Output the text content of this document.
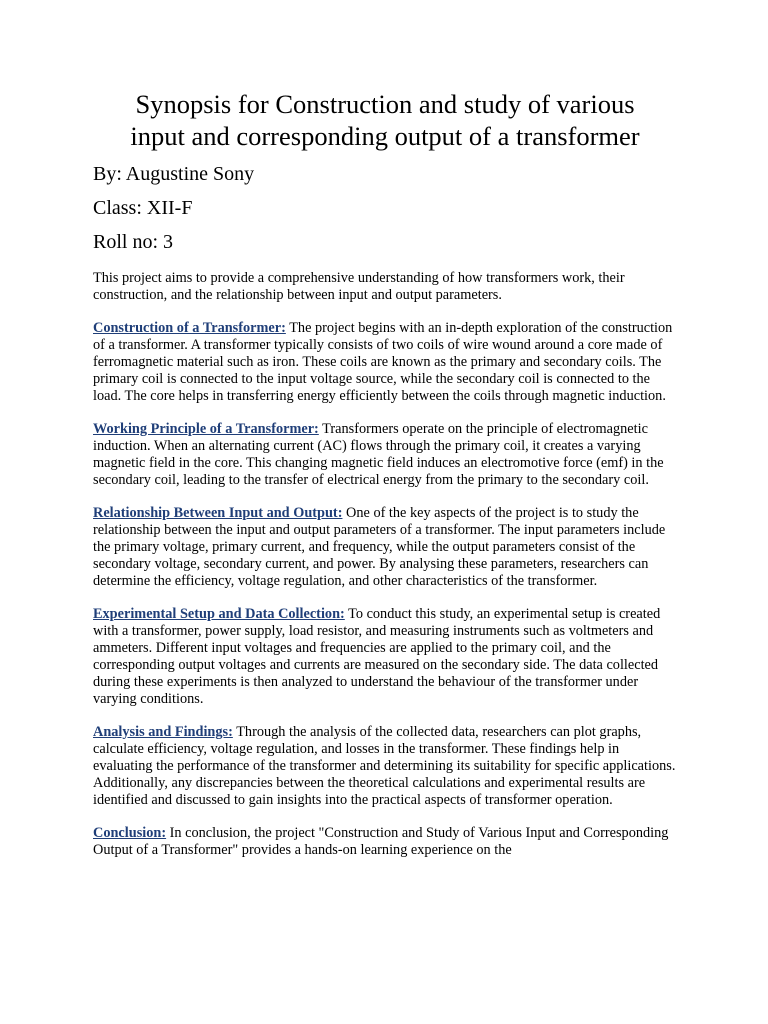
Synopsis for Construction and study of various
input and corresponding output of a transformer
By: Augustine Sony
Class: XII-F
Roll no: 3

This project aims to provide a comprehensive understanding of how transformers work, their construction, and the relationship between input and output parameters.

Construction of a Transformer: The project begins with an in-depth exploration of the construction of a transformer. A transformer typically consists of two coils of wire wound around a core made of ferromagnetic material such as iron. These coils are known as the primary and secondary coils. The primary coil is connected to the input voltage source, while the secondary coil is connected to the load. The core helps in transferring energy efficiently between the coils through magnetic induction.

Working Principle of a Transformer: Transformers operate on the principle of electromagnetic induction. When an alternating current (AC) flows through the primary coil, it creates a varying magnetic field in the core. This changing magnetic field induces an electromotive force (emf) in the secondary coil, leading to the transfer of electrical energy from the primary to the secondary coil.

Relationship Between Input and Output: One of the key aspects of the project is to study the relationship between the input and output parameters of a transformer. The input parameters include the primary voltage, primary current, and frequency, while the output parameters consist of the secondary voltage, secondary current, and power. By analysing these parameters, researchers can determine the efficiency, voltage regulation, and other characteristics of the transformer.

Experimental Setup and Data Collection: To conduct this study, an experimental setup is created with a transformer, power supply, load resistor, and measuring instruments such as voltmeters and ammeters. Different input voltages and frequencies are applied to the primary coil, and the corresponding output voltages and currents are measured on the secondary side. The data collected during these experiments is then analyzed to understand the behaviour of the transformer under varying conditions.

Analysis and Findings: Through the analysis of the collected data, researchers can plot graphs, calculate efficiency, voltage regulation, and losses in the transformer. These findings help in evaluating the performance of the transformer and determining its suitability for specific applications. Additionally, any discrepancies between the theoretical calculations and experimental results are identified and discussed to gain insights into the practical aspects of transformer operation.

Conclusion: In conclusion, the project "Construction and Study of Various Input and Corresponding Output of a Transformer" provides a hands-on learning experience on the
